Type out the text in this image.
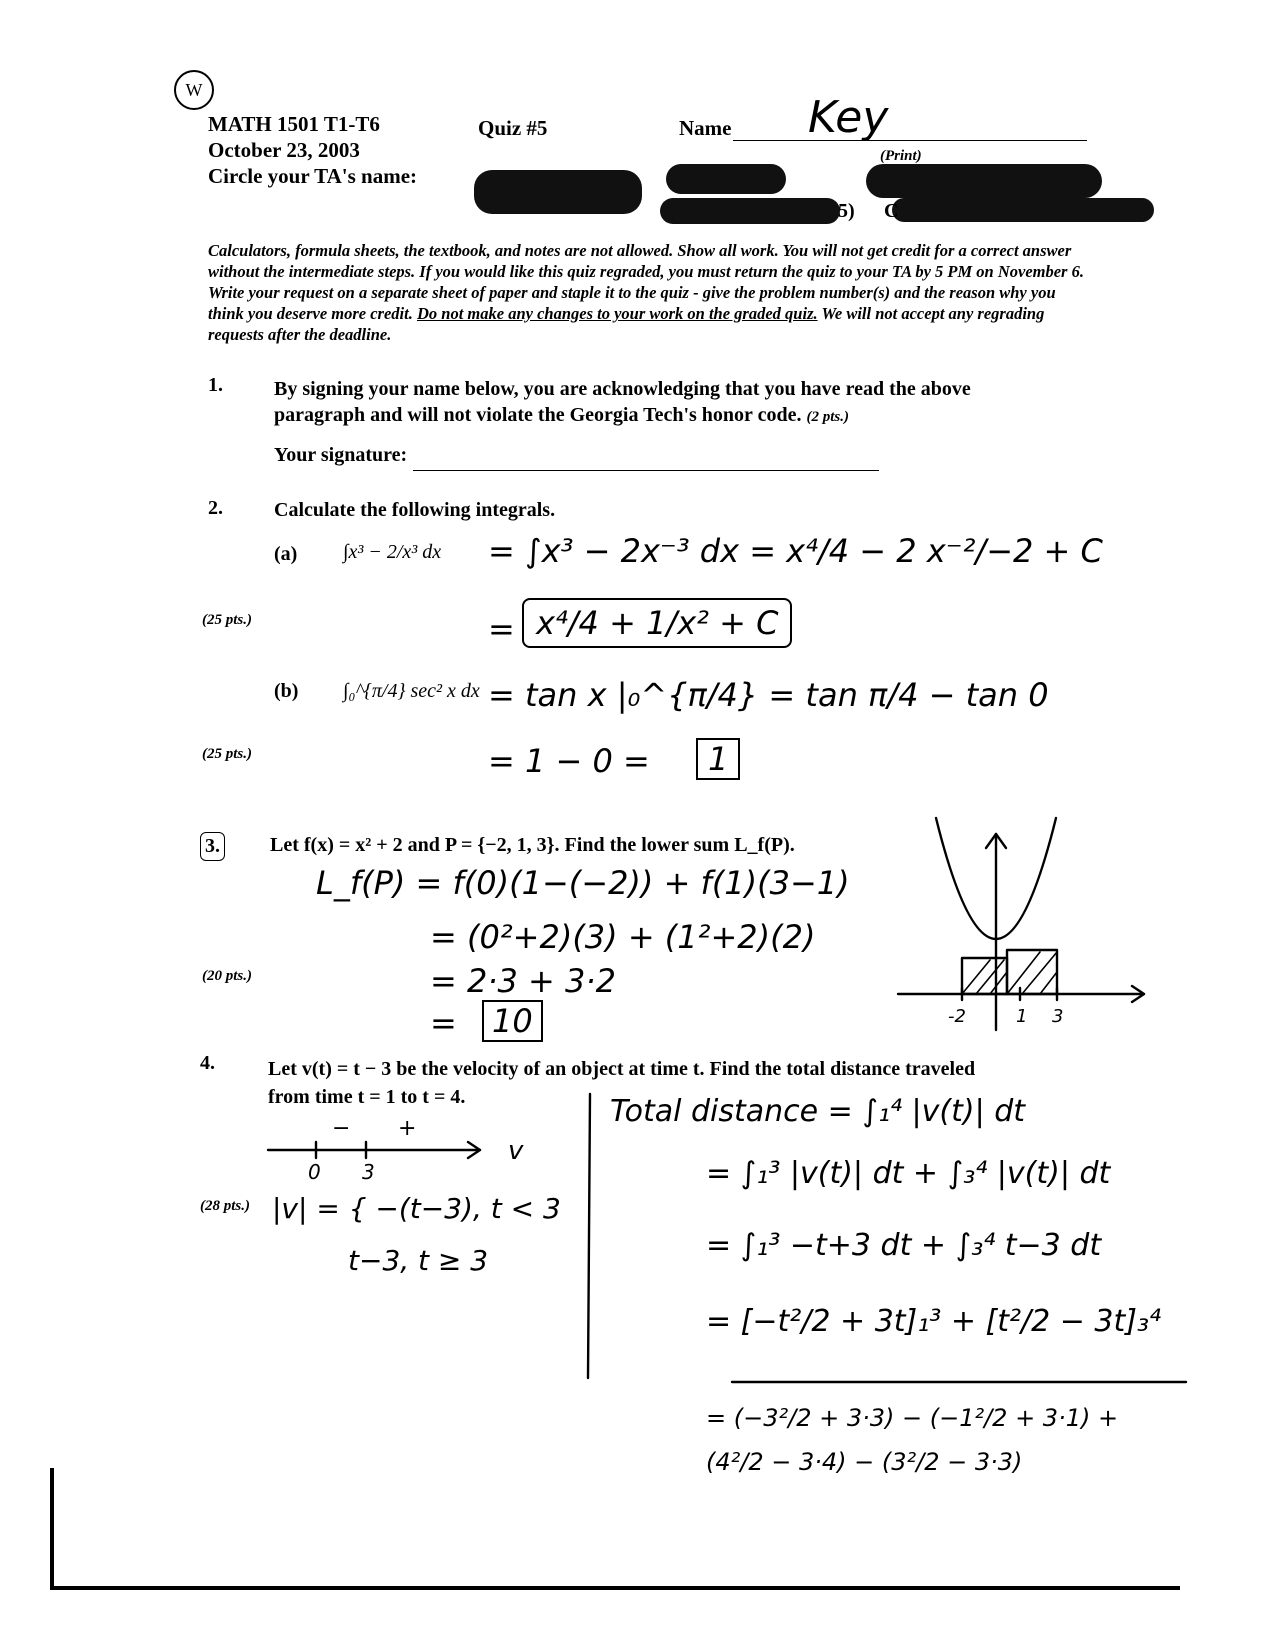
W
MATH 1501 T1-T6
October 23, 2003
Circle your TA's name:
Quiz #5	Name Key
(Print)
5) C
Calculators, formula sheets, the textbook, and notes are not allowed. Show all work. You will not get credit for a correct answer without the intermediate steps. If you would like this quiz regraded, you must return the quiz to your TA by 5 PM on November 6. Write your request on a separate sheet of paper and staple it to the quiz - give the problem number(s) and the reason why you think you deserve more credit. Do not make any changes to your work on the graded quiz. We will not accept any regrading requests after the deadline.
1.	By signing your name below, you are acknowledging that you have read the above
paragraph and will not violate the Georgia Tech's honor code. (2 pts.)
Your signature:
2.	Calculate the following integrals.
(a) ∫x³ − 2/x³ dx
(25 pts.)
= ∫x³ − 2x⁻³ dx = x⁴/4 − 2 x⁻²/−2 + C
= x⁴/4 + 1/x² + C
(b) ∫₀^{π/4} sec² x dx
(25 pts.)
= tan x |₀^{π/4} = tan π/4 − tan 0
= 1 − 0 =	1
3.	Let f(x) = x² + 2 and P = {−2, 1, 3}. Find the lower sum L_f(P).
(20 pts.)
L_f(P) = f(0)(1−(−2)) + f(1)(3−1)
= (0²+2)(3) + (1²+2)(2)
= 2·3 + 3·2
=	10	-2	1 3
4.	Let v(t) = t − 3 be the velocity of an object at time t. Find the total distance traveled
from time t = 1 to t = 4.
(28 pts.)
− +
v
0 3
|v| = { −(t−3), t < 3
t−3, t ≥ 3
Total distance = ∫₁⁴ |v(t)| dt
= ∫₁³ |v(t)| dt + ∫₃⁴ |v(t)| dt
= ∫₁³ −t+3 dt + ∫₃⁴ t−3 dt
= [−t²/2 + 3t]₁³ + [t²/2 − 3t]₃⁴
= (−3²/2 + 3·3) − (−1²/2 + 3·1) + (4²/2 − 3·4) − (3²/2 − 3·3)
